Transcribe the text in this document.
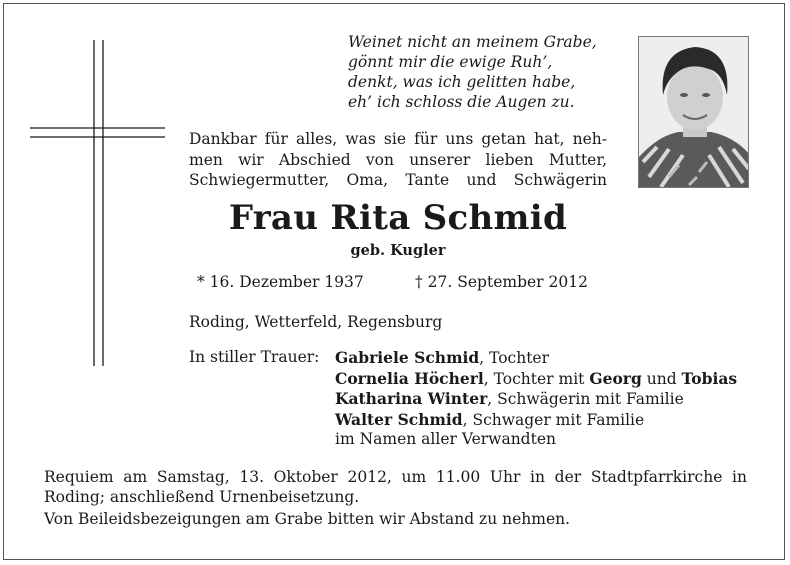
Weinet nicht an meinem Grabe,
gönnt mir die ewige Ruh’,
denkt, was ich gelitten habe,
eh’ ich schloss die Augen zu.
Dankbar für alles, was sie für uns getan hat, neh-
men wir Abschied von unserer lieben Mutter,
Schwiegermutter, Oma, Tante und Schwägerin
Frau Rita Schmid
geb. Kugler
* 16. Dezember 1937	† 27. September 2012
Roding, Wetterfeld, Regensburg
In stiller Trauer: Gabriele Schmid, Tochter
Cornelia Höcherl, Tochter mit Georg und Tobias
Katharina Winter, Schwägerin mit Familie
Walter Schmid, Schwager mit Familie
im Namen aller Verwandten
Requiem am Samstag, 13. Oktober 2012, um 11.00 Uhr in der Stadtpfarrkirche in
Roding; anschließend Urnenbeisetzung.
Von Beileidsbezeigungen am Grabe bitten wir Abstand zu nehmen.
